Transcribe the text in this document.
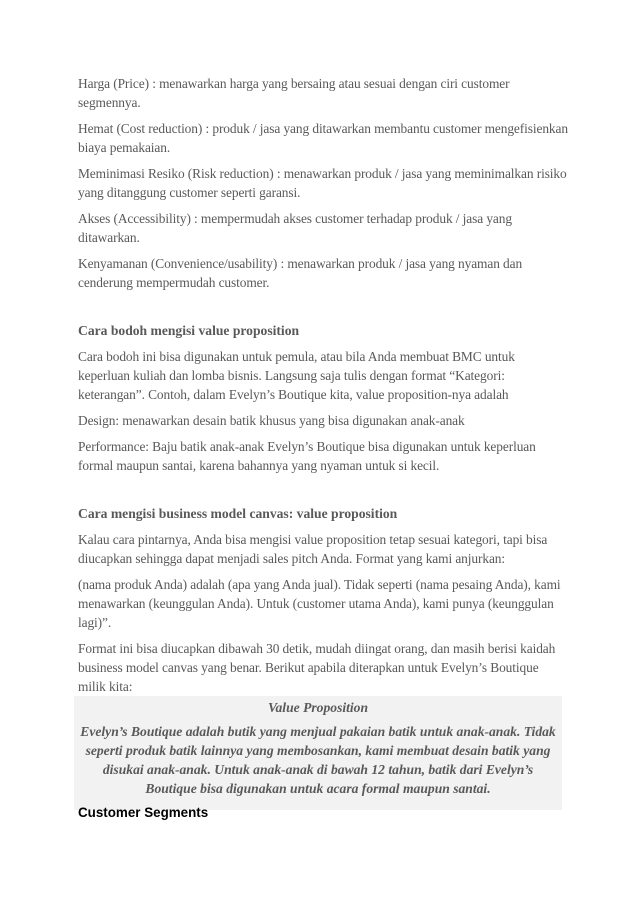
Harga (Price) : menawarkan harga yang bersaing atau sesuai dengan ciri customer segmennya.

Hemat (Cost reduction) : produk / jasa yang ditawarkan membantu customer mengefisienkan biaya pemakaian.

Meminimasi Resiko (Risk reduction) : menawarkan produk / jasa yang meminimalkan risiko yang ditanggung customer seperti garansi.

Akses (Accessibility) : mempermudah akses customer terhadap produk / jasa yang ditawarkan.

Kenyamanan (Convenience/usability) : menawarkan produk / jasa yang nyaman dan cenderung mempermudah customer.

Cara bodoh mengisi value proposition

Cara bodoh ini bisa digunakan untuk pemula, atau bila Anda membuat BMC untuk keperluan kuliah dan lomba bisnis. Langsung saja tulis dengan format “Kategori: keterangan”. Contoh, dalam Evelyn’s Boutique kita, value proposition-nya adalah

Design: menawarkan desain batik khusus yang bisa digunakan anak-anak

Performance: Baju batik anak-anak Evelyn’s Boutique bisa digunakan untuk keperluan formal maupun santai, karena bahannya yang nyaman untuk si kecil.

Cara mengisi business model canvas: value proposition

Kalau cara pintarnya, Anda bisa mengisi value proposition tetap sesuai kategori, tapi bisa diucapkan sehingga dapat menjadi sales pitch Anda. Format yang kami anjurkan:

(nama produk Anda) adalah (apa yang Anda jual). Tidak seperti (nama pesaing Anda), kami menawarkan (keunggulan Anda). Untuk (customer utama Anda), kami punya (keunggulan lagi)”.

Format ini bisa diucapkan dibawah 30 detik, mudah diingat orang, dan masih berisi kaidah business model canvas yang benar. Berikut apabila diterapkan untuk Evelyn’s Boutique milik kita:

Value Proposition
Evelyn’s Boutique adalah butik yang menjual pakaian batik untuk anak-anak. Tidak seperti produk batik lainnya yang membosankan, kami membuat desain batik yang disukai anak-anak. Untuk anak-anak di bawah 12 tahun, batik dari Evelyn’s Boutique bisa digunakan untuk acara formal maupun santai.
Customer Segments
